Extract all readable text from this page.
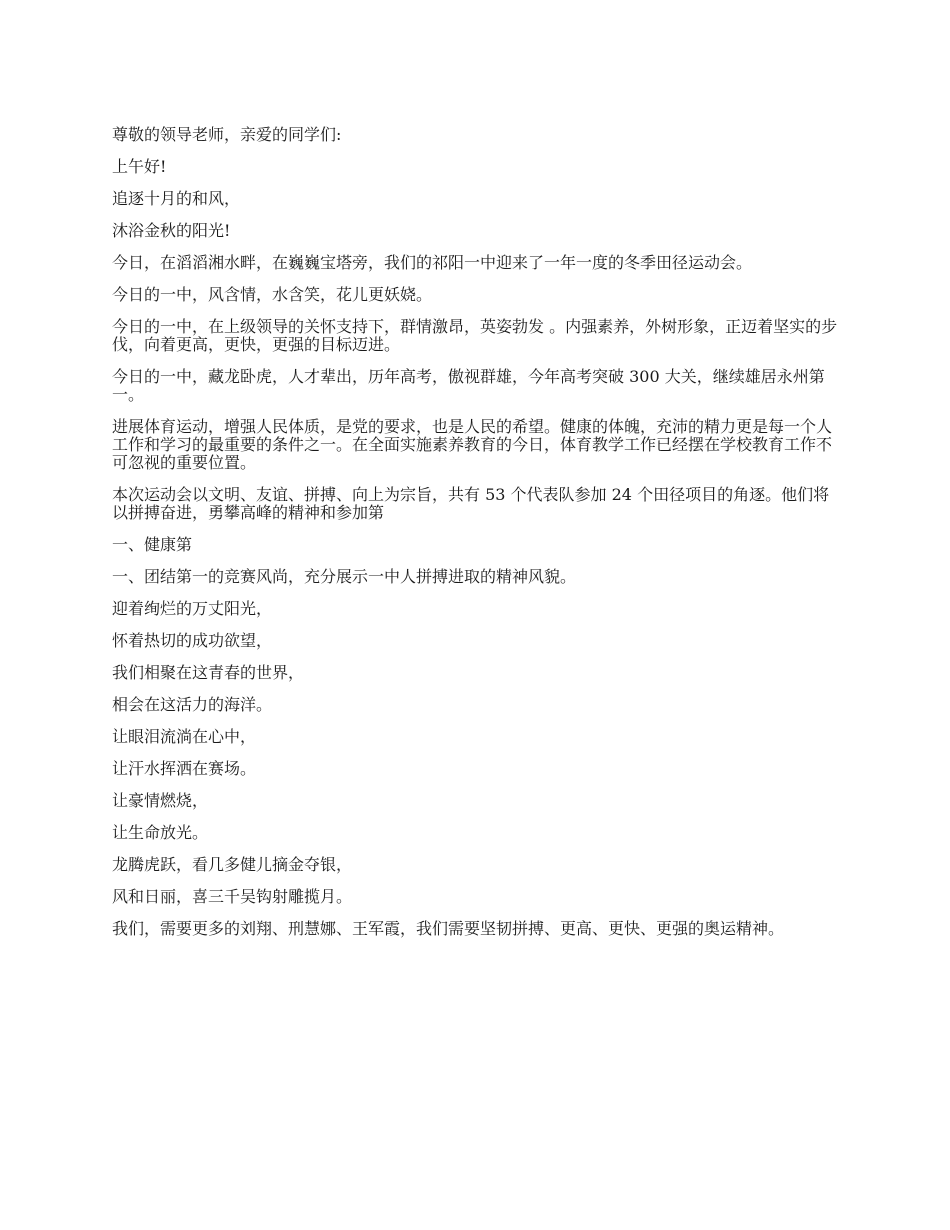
尊敬的领导老师，亲爱的同学们:

上午好!

追逐十月的和风，

沐浴金秋的阳光!

今日，在滔滔湘水畔，在巍巍宝塔旁，我们的祁阳一中迎来了一年一度的冬季田径运动会。

今日的一中，风含情，水含笑，花儿更妖娆。

今日的一中，在上级领导的关怀支持下，群情激昂，英姿勃发 。内强素养，外树形象，正迈着坚实的步伐，向着更高，更快，更强的目标迈进。

今日的一中，藏龙卧虎，人才辈出，历年高考，傲视群雄，今年高考突破 300 大关，继续雄居永州第一。

进展体育运动，增强人民体质，是党的要求，也是人民的希望。健康的体魄，充沛的精力更是每一个人工作和学习的最重要的条件之一。在全面实施素养教育的今日，体育教学工作已经摆在学校教育工作不可忽视的重要位置。

本次运动会以文明、友谊、拼搏、向上为宗旨，共有 53 个代表队参加 24 个田径项目的角逐。他们将以拼搏奋进，勇攀高峰的精神和参加第

一、健康第

一、团结第一的竞赛风尚，充分展示一中人拼搏进取的精神风貌。

迎着绚烂的万丈阳光，

怀着热切的成功欲望，

我们相聚在这青春的世界，

相会在这活力的海洋。

让眼泪流淌在心中，

让汗水挥洒在赛场。

让豪情燃烧，

让生命放光。

龙腾虎跃，看几多健儿摘金夺银，

风和日丽，喜三千吴钩射雕揽月。

我们，需要更多的刘翔、刑慧娜、王军霞，我们需要坚韧拼搏、更高、更快、更强的奥运精神。
